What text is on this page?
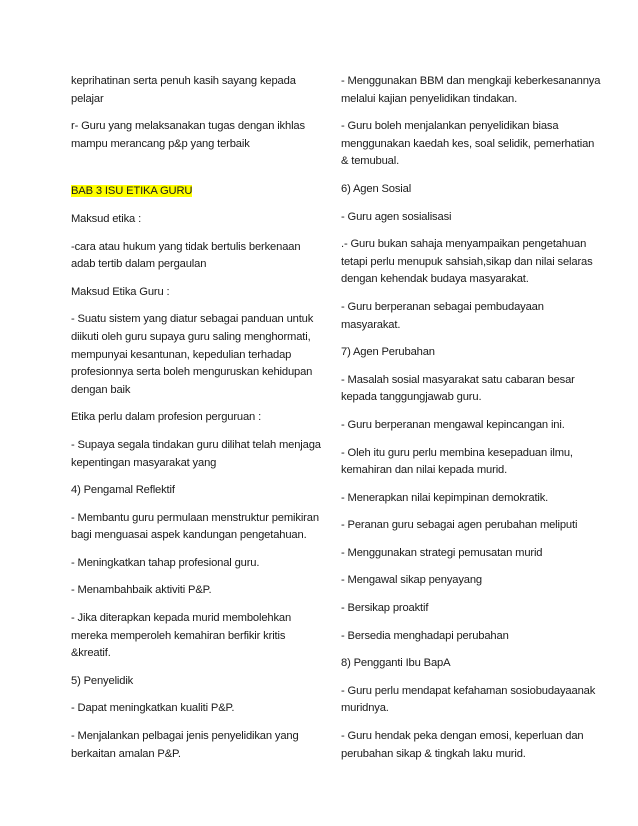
keprihatinan serta penuh kasih sayang kepada pelajar

r- Guru yang melaksanakan tugas dengan ikhlas mampu merancang p&p yang terbaik

BAB 3 ISU ETIKA GURU

Maksud etika :

-cara atau hukum yang tidak bertulis berkenaan adab tertib dalam pergaulan

Maksud Etika Guru :

- Suatu sistem yang diatur sebagai panduan untuk diikuti oleh guru supaya guru saling menghormati, mempunyai kesantunan, kepedulian terhadap profesionnya serta boleh menguruskan kehidupan dengan baik

Etika perlu dalam profesion perguruan :

- Supaya segala tindakan guru dilihat telah menjaga kepentingan masyarakat yang

4) Pengamal Reflektif

- Membantu guru permulaan menstruktur pemikiran bagi menguasai aspek kandungan pengetahuan.

- Meningkatkan tahap profesional guru.

- Menambahbaik aktiviti P&P.

- Jika diterapkan kepada murid membolehkan mereka memperoleh kemahiran berfikir kritis &kreatif.

5) Penyelidik

- Dapat meningkatkan kualiti P&P.

- Menjalankan pelbagai jenis penyelidikan yang berkaitan amalan P&P.

- Menggunakan BBM dan mengkaji keberkesanannya melalui kajian penyelidikan tindakan.

- Guru boleh menjalankan penyelidikan biasa menggunakan kaedah kes, soal selidik, pemerhatian & temubual.

6) Agen Sosial

- Guru agen sosialisasi

.- Guru bukan sahaja menyampaikan pengetahuan tetapi perlu menupuk sahsiah,sikap dan nilai selaras dengan kehendak budaya masyarakat.

- Guru berperanan sebagai pembudayaan masyarakat.

7) Agen Perubahan

- Masalah sosial masyarakat satu cabaran besar kepada tanggungjawab guru.

- Guru berperanan mengawal kepincangan ini.

- Oleh itu guru perlu membina kesepaduan ilmu, kemahiran dan nilai kepada murid.

- Menerapkan nilai kepimpinan demokratik.

- Peranan guru sebagai agen perubahan meliputi

- Menggunakan strategi pemusatan murid

- Mengawal sikap penyayang

- Bersikap proaktif

- Bersedia menghadapi perubahan

8) Pengganti Ibu BapA

- Guru perlu mendapat kefahaman sosiobudayaanak muridnya.

- Guru hendak peka dengan emosi, keperluan dan perubahan sikap & tingkah laku murid.
